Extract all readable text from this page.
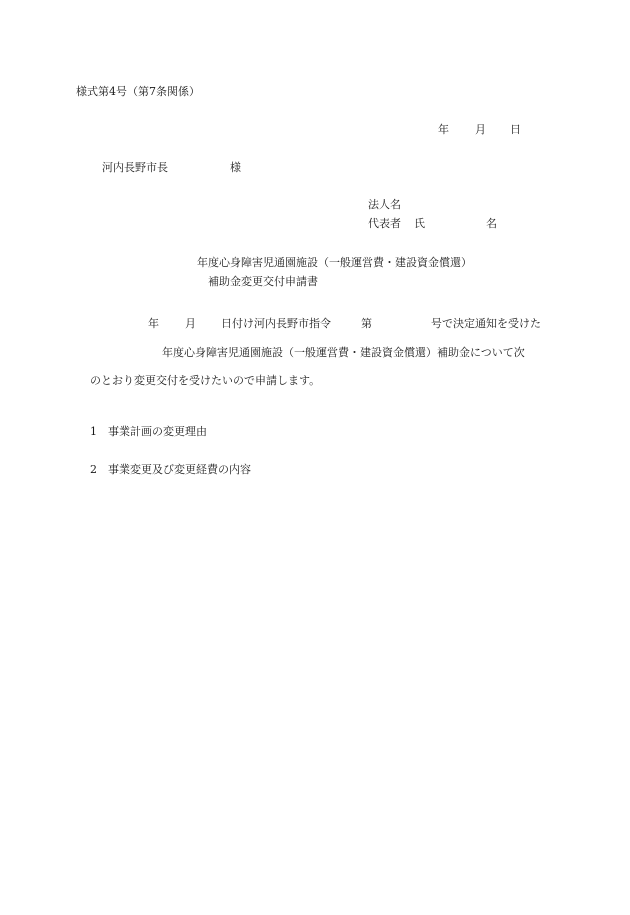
様式第4号（第7条関係）
年 月 日
河内長野市長	様
法人名
代表者 氏	名
年度心身障害児通園施設（一般運営費・建設資金償還）
補助金変更交付申請書
年 月 日付け河内長野市指令	第	号で決定通知を受けた
年度心身障害児通園施設（一般運営費・建設資金償還）補助金について次
のとおり変更交付を受けたいので申請します。
1 事業計画の変更理由
2 事業変更及び変更経費の内容
